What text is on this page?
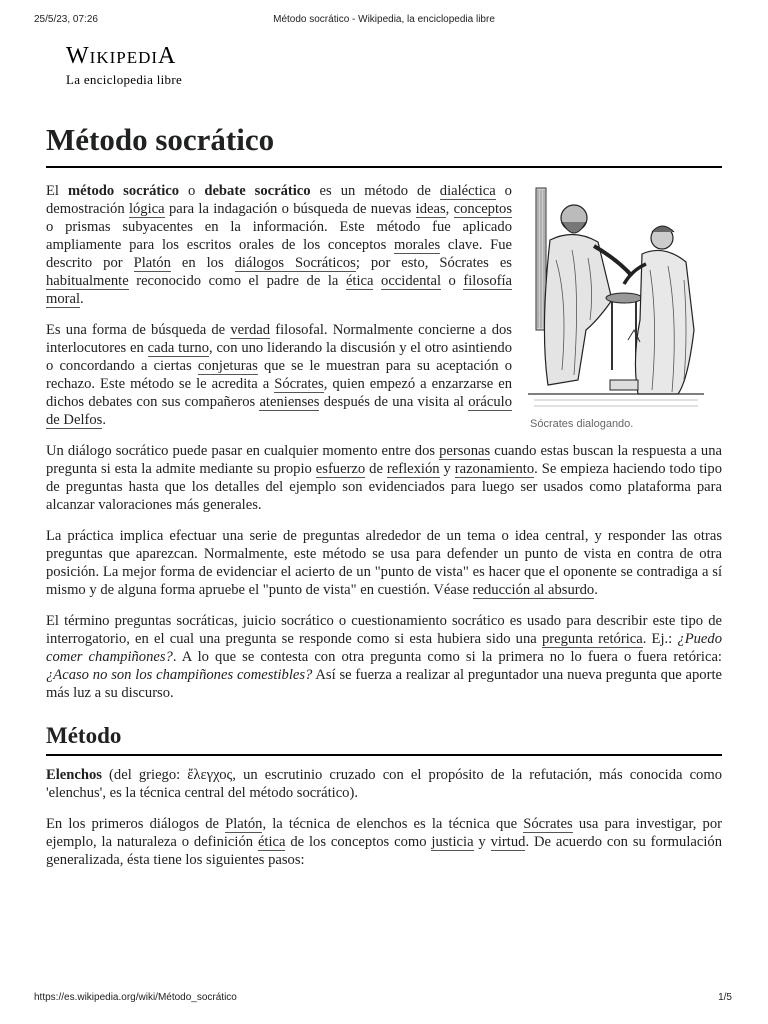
25/5/23, 07:26	Método socrático - Wikipedia, la enciclopedia libre
WIKIPEDIA
La enciclopedia libre
Método socrático
Sócrates dialogando.

El método socrático o debate socrático es un método de dialéctica o demostración lógica para la indagación o búsqueda de nuevas ideas, conceptos o prismas subyacentes en la información. Este método fue aplicado ampliamente para los escritos orales de los conceptos morales clave. Fue descrito por Platón en los diálogos Socráticos; por esto, Sócrates es habitualmente reconocido como el padre de la ética occidental o filosofía moral.

Es una forma de búsqueda de verdad filosofal. Normalmente concierne a dos interlocutores en cada turno, con uno liderando la discusión y el otro asintiendo o concordando a ciertas conjeturas que se le muestran para su aceptación o rechazo. Este método se le acredita a Sócrates, quien empezó a enzarzarse en dichos debates con sus compañeros atenienses después de una visita al oráculo de Delfos.

Un diálogo socrático puede pasar en cualquier momento entre dos personas cuando estas buscan la respuesta a una pregunta si esta la admite mediante su propio esfuerzo de reflexión y razonamiento. Se empieza haciendo todo tipo de preguntas hasta que los detalles del ejemplo son evidenciados para luego ser usados como plataforma para alcanzar valoraciones más generales.

La práctica implica efectuar una serie de preguntas alrededor de un tema o idea central, y responder las otras preguntas que aparezcan. Normalmente, este método se usa para defender un punto de vista en contra de otra posición. La mejor forma de evidenciar el acierto de un "punto de vista" es hacer que el oponente se contradiga a sí mismo y de alguna forma apruebe el "punto de vista" en cuestión. Véase reducción al absurdo.

El término preguntas socráticas, juicio socrático o cuestionamiento socrático es usado para describir este tipo de interrogatorio, en el cual una pregunta se responde como si esta hubiera sido una pregunta retórica. Ej.: ¿Puedo comer champiñones?. A lo que se contesta con otra pregunta como si la primera no lo fuera o fuera retórica: ¿Acaso no son los champiñones comestibles? Así se fuerza a realizar al preguntador una nueva pregunta que aporte más luz a su discurso.

Método

Elenchos (del griego: ἔλεγχος, un escrutinio cruzado con el propósito de la refutación, más conocida como 'elenchus', es la técnica central del método socrático).

En los primeros diálogos de Platón, la técnica de elenchos es la técnica que Sócrates usa para investigar, por ejemplo, la naturaleza o definición ética de los conceptos como justicia y virtud. De acuerdo con su formulación generalizada, ésta tiene los siguientes pasos:

https://es.wikipedia.org/wiki/Método_socrático	1/5
